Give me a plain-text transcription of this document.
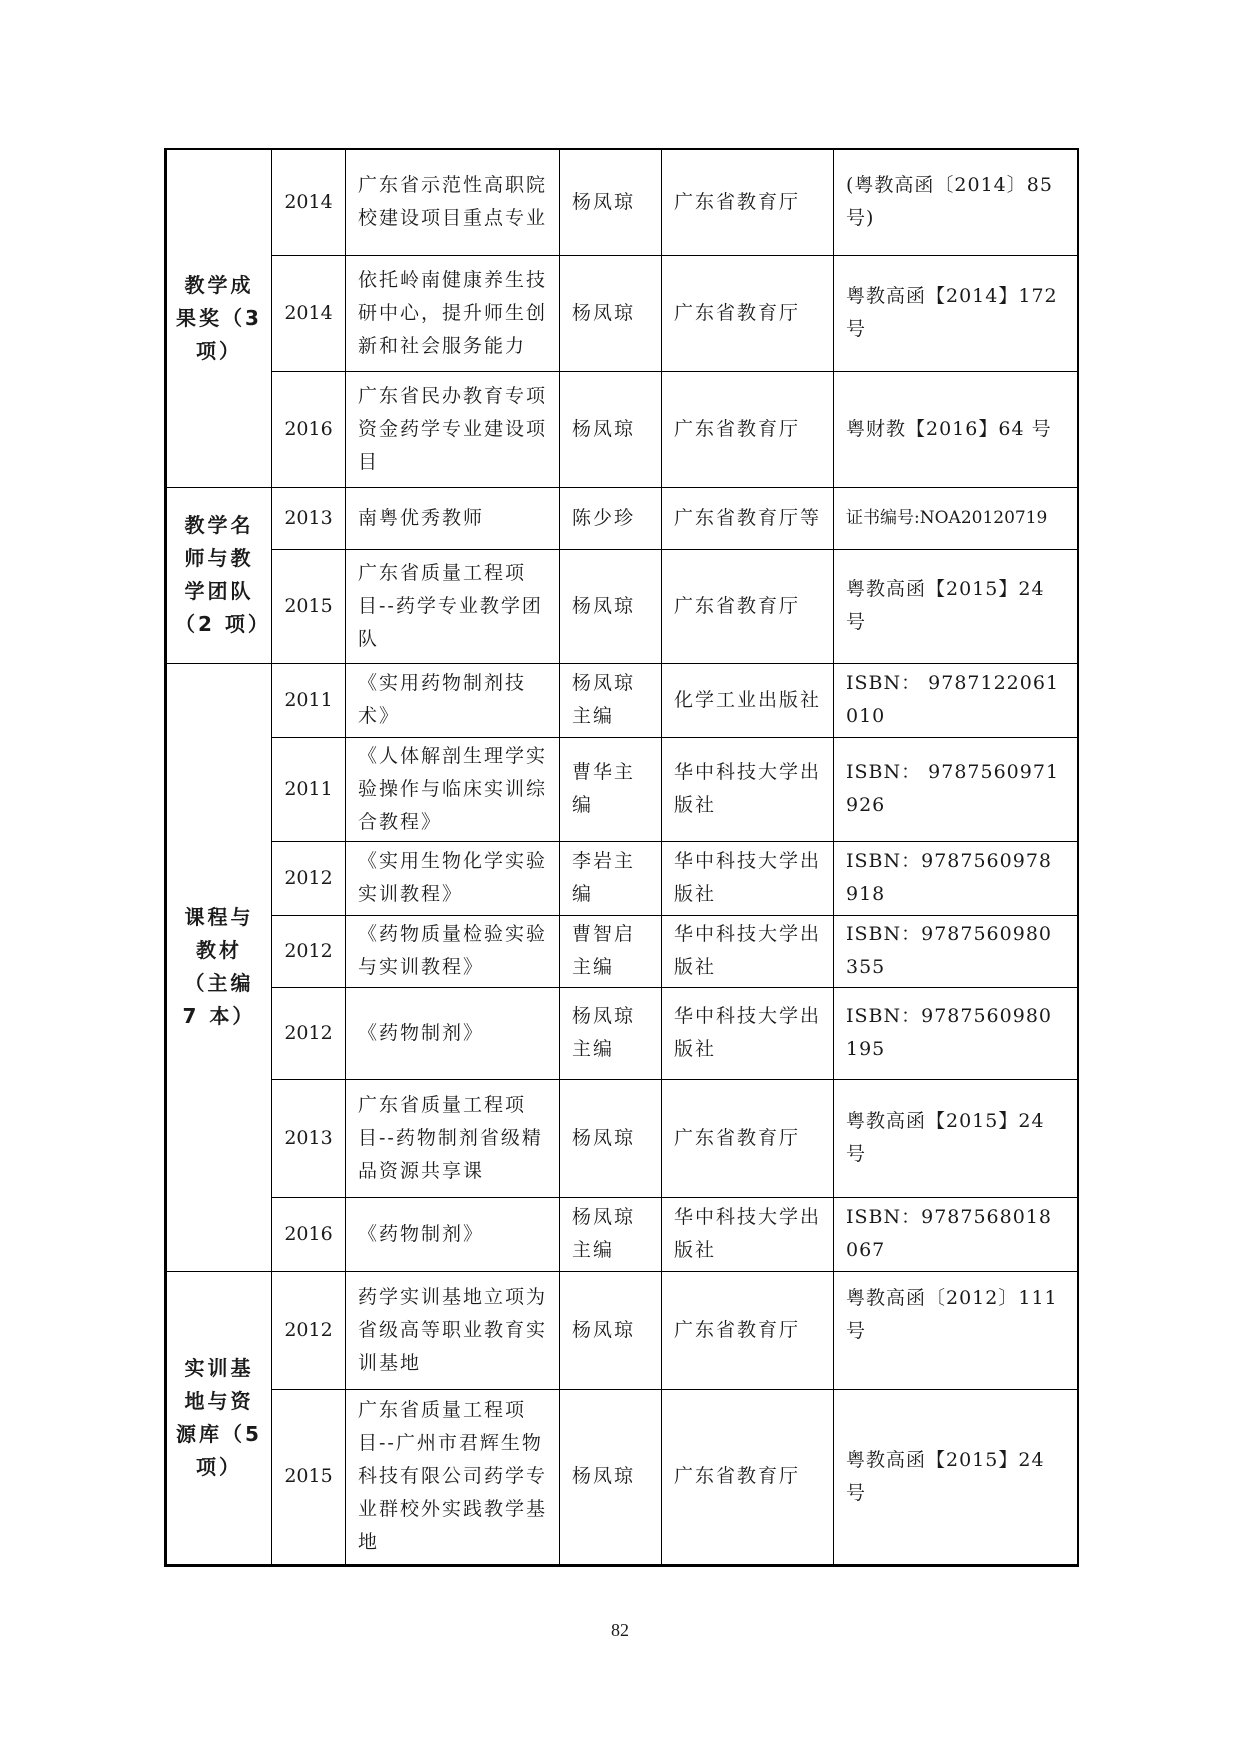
教学成果奖（3 项）	2014	广东省示范性高职院校建设项目重点专业	杨凤琼	广东省教育厅	(粤教高函〔2014〕85 号)
	2014	依托岭南健康养生技研中心，提升师生创新和社会服务能力	杨凤琼	广东省教育厅	粤教高函【2014】172 号
	2016	广东省民办教育专项资金药学专业建设项目	杨凤琼	广东省教育厅	粤财教【2016】64 号
教学名师与教学团队（2 项）	2013	南粤优秀教师	陈少珍	广东省教育厅等	证书编号:NOA20120719
	2015	广东省质量工程项目--药学专业教学团队	杨凤琼	广东省教育厅	粤教高函【2015】24 号
课程与教材（主编 7 本）	2011	《实用药物制剂技术》	杨凤琼主编	化学工业出版社	ISBN： 9787122061010
	2011	《人体解剖生理学实验操作与临床实训综合教程》	曹华主编	华中科技大学出版社	ISBN： 9787560971926
	2012	《实用生物化学实验实训教程》	李岩主编	华中科技大学出版社	ISBN：9787560978918
	2012	《药物质量检验实验与实训教程》	曹智启主编	华中科技大学出版社	ISBN：9787560980355
	2012	《药物制剂》	杨凤琼主编	华中科技大学出版社	ISBN：9787560980195
	2013	广东省质量工程项目--药物制剂省级精品资源共享课	杨凤琼	广东省教育厅	粤教高函【2015】24 号
	2016	《药物制剂》	杨凤琼主编	华中科技大学出版社	ISBN：9787568018067
实训基地与资源库（5 项）	2012	药学实训基地立项为省级高等职业教育实训基地	杨凤琼	广东省教育厅	粤教高函〔2012〕111 号
	2015	广东省质量工程项目--广州市君辉生物科技有限公司药学专业群校外实践教学基地	杨凤琼	广东省教育厅	粤教高函【2015】24 号
82
